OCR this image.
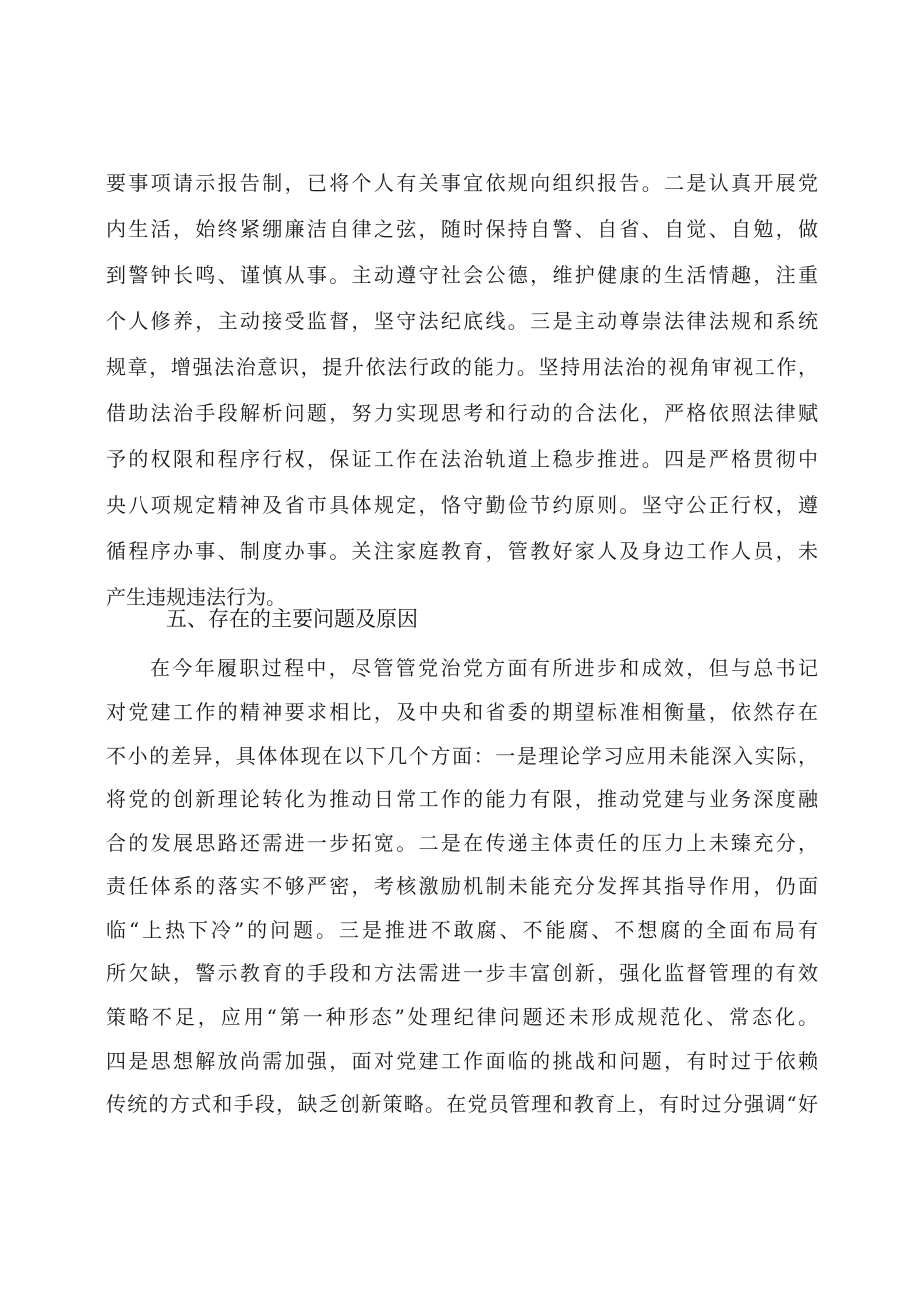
要事项请示报告制，已将个人有关事宜依规向组织报告。二是认真开展党
内生活，始终紧绷廉洁自律之弦，随时保持自警、自省、自觉、自勉，做
到警钟长鸣、谨慎从事。主动遵守社会公德，维护健康的生活情趣，注重
个人修养，主动接受监督，坚守法纪底线。三是主动尊崇法律法规和系统
规章，增强法治意识，提升依法行政的能力。坚持用法治的视角审视工作，
借助法治手段解析问题，努力实现思考和行动的合法化，严格依照法律赋
予的权限和程序行权，保证工作在法治轨道上稳步推进。四是严格贯彻中
央八项规定精神及省市具体规定，恪守勤俭节约原则。坚守公正行权，遵
循程序办事、制度办事。关注家庭教育，管教好家人及身边工作人员，未
产生违规违法行为。
五、存在的主要问题及原因
在今年履职过程中，尽管管党治党方面有所进步和成效，但与总书记
对党建工作的精神要求相比，及中央和省委的期望标准相衡量，依然存在
不小的差异，具体体现在以下几个方面：一是理论学习应用未能深入实际，
将党的创新理论转化为推动日常工作的能力有限，推动党建与业务深度融
合的发展思路还需进一步拓宽。二是在传递主体责任的压力上未臻充分，
责任体系的落实不够严密，考核激励机制未能充分发挥其指导作用，仍面
临“上热下冷”的问题。三是推进不敢腐、不能腐、不想腐的全面布局有
所欠缺，警示教育的手段和方法需进一步丰富创新，强化监督管理的有效
策略不足，应用“第一种形态”处理纪律问题还未形成规范化、常态化。
四是思想解放尚需加强，面对党建工作面临的挑战和问题，有时过于依赖
传统的方式和手段，缺乏创新策略。在党员管理和教育上，有时过分强调“好
